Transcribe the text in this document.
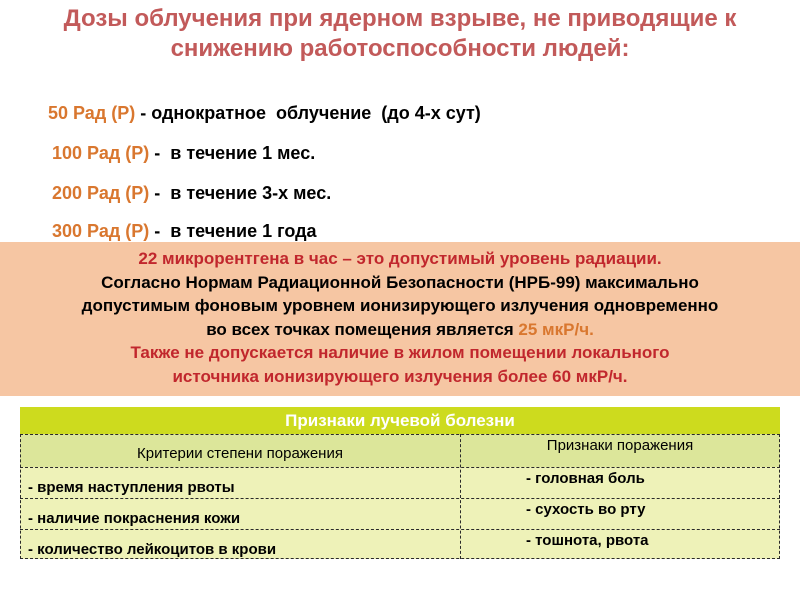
Дозы облучения при ядерном взрыве, не приводящие к
снижению работоспособности людей:

50 Рад (Р) - однократное  облучение  (до 4-х сут)

100 Рад (Р) -  в течение 1 мес.

200 Рад (Р) -  в течение 3-х мес.

300 Рад (Р) -  в течение 1 года

22 микрорентгена в час – это допустимый уровень радиации.
Согласно Нормам Радиационной Безопасности (НРБ-99) максимально
допустимым фоновым уровнем ионизирующего излучения одновременно
во всех точках помещения является 25 мкР/ч.
Также не допускается наличие в жилом помещении локального
источника ионизирующего излучения более 60 мкР/ч.
Признаки лучевой болезни
Критерии степени поражения	Признаки поражения
- время наступления рвоты
- головная боль
- наличие покраснения кожи
- сухость во рту
- количество лейкоцитов в крови
- тошнота, рвота
